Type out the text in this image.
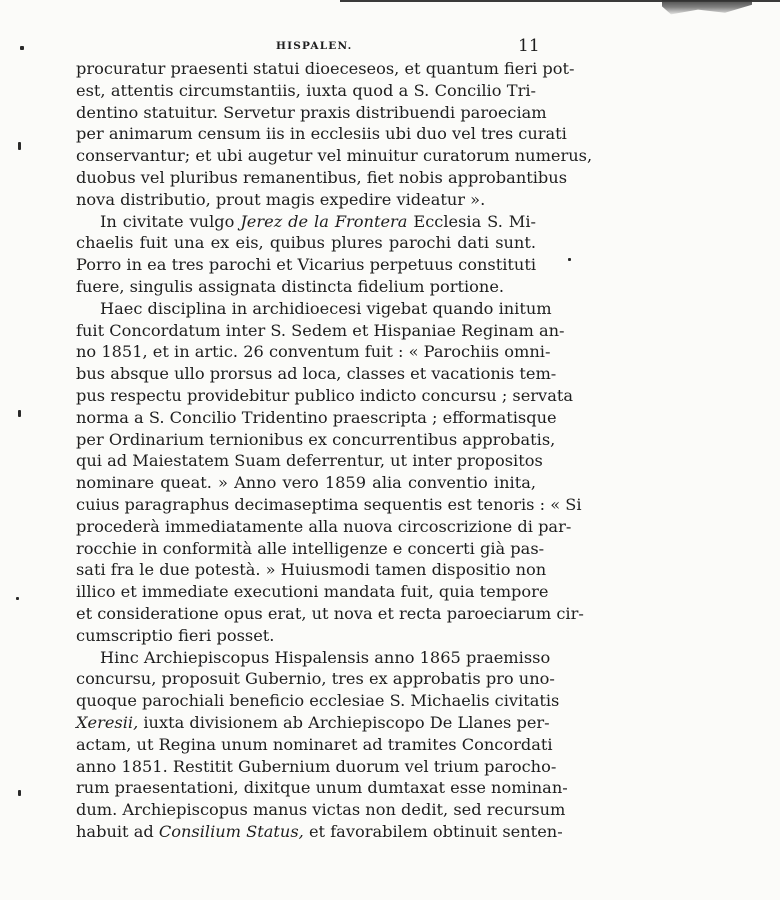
HISPALEN.	11
procuratur praesenti statui dioeceseos, et quantum fieri pot-
est, attentis circumstantiis, iuxta quod a S. Concilio Tri-
dentino statuitur. Servetur praxis distribuendi paroeciam
per animarum censum iis in ecclesiis ubi duo vel tres curati
conservantur; et ubi augetur vel minuitur curatorum numerus,
duobus vel pluribus remanentibus, fiet nobis approbantibus
nova distributio, prout magis expedire videatur ».
In civitate vulgo Jerez de la Frontera Ecclesia S. Mi-
chaelis fuit una ex eis, quibus plures parochi dati sunt.
Porro in ea tres parochi et Vicarius perpetuus constituti
fuere, singulis assignata distincta fidelium portione.
Haec disciplina in archidioecesi vigebat quando initum
fuit Concordatum inter S. Sedem et Hispaniae Reginam an-
no 1851, et in artic. 26 conventum fuit : « Parochiis omni-
bus absque ullo prorsus ad loca, classes et vacationis tem-
pus respectu providebitur publico indicto concursu ; servata
norma a S. Concilio Tridentino praescripta ; efformatisque
per Ordinarium ternionibus ex concurrentibus approbatis,
qui ad Maiestatem Suam deferrentur, ut inter propositos
nominare queat. » Anno vero 1859 alia conventio inita,
cuius paragraphus decimaseptima sequentis est tenoris : « Si
procederà immediatamente alla nuova circoscrizione di par-
rocchie in conformità alle intelligenze e concerti già pas-
sati fra le due potestà. » Huiusmodi tamen dispositio non
illico et immediate executioni mandata fuit, quia tempore
et consideratione opus erat, ut nova et recta paroeciarum cir-
cumscriptio fieri posset.
Hinc Archiepiscopus Hispalensis anno 1865 praemisso
concursu, proposuit Gubernio, tres ex approbatis pro uno-
quoque parochiali beneficio ecclesiae S. Michaelis civitatis
Xeresii, iuxta divisionem ab Archiepiscopo De Llanes per-
actam, ut Regina unum nominaret ad tramites Concordati
anno 1851. Restitit Gubernium duorum vel trium parocho-
rum praesentationi, dixitque unum dumtaxat esse nominan-
dum. Archiepiscopus manus victas non dedit, sed recursum
habuit ad Consilium Status, et favorabilem obtinuit senten-
